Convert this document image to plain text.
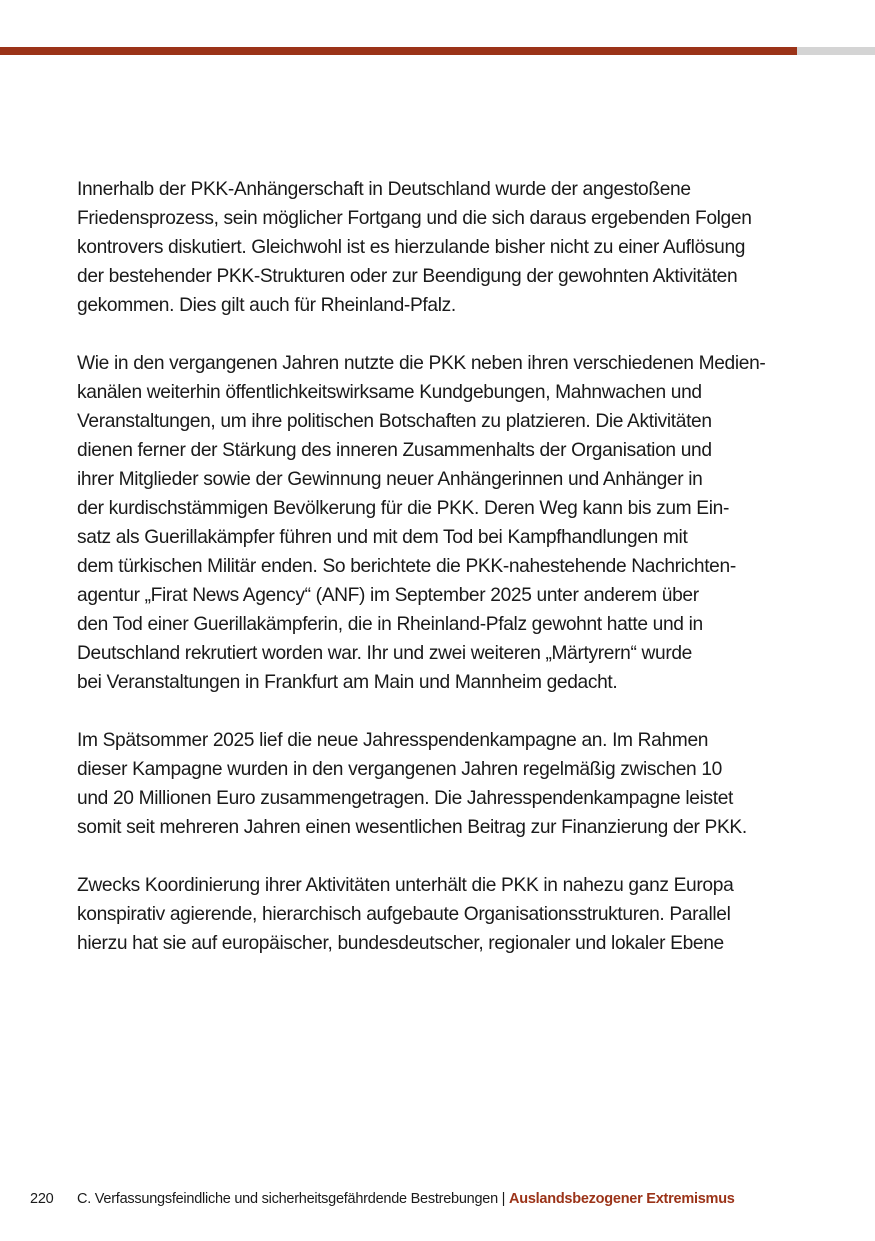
Innerhalb der PKK-Anhängerschaft in Deutschland wurde der angestoßene
Friedensprozess, sein möglicher Fortgang und die sich daraus ergebenden Folgen
kontrovers diskutiert. Gleichwohl ist es hierzulande bisher nicht zu einer Auflösung
der bestehender PKK-Strukturen oder zur Beendigung der gewohnten Aktivitäten
gekommen. Dies gilt auch für Rheinland-Pfalz.

Wie in den vergangenen Jahren nutzte die PKK neben ihren verschiedenen Medien-
kanälen weiterhin öffentlichkeitswirksame Kundgebungen, Mahnwachen und
Veranstaltungen, um ihre politischen Botschaften zu platzieren. Die Aktivitäten
dienen ferner der Stärkung des inneren Zusammenhalts der Organisation und
ihrer Mitglieder sowie der Gewinnung neuer Anhängerinnen und Anhänger in
der kurdischstämmigen Bevölkerung für die PKK. Deren Weg kann bis zum Ein-
satz als Guerillakämpfer führen und mit dem Tod bei Kampfhandlungen mit
dem türkischen Militär enden. So berichtete die PKK-nahestehende Nachrichten-
agentur „Firat News Agency“ (ANF) im September 2025 unter anderem über
den Tod einer Guerillakämpferin, die in Rheinland-Pfalz gewohnt hatte und in
Deutschland rekrutiert worden war. Ihr und zwei weiteren „Märtyrern“ wurde
bei Veranstaltungen in Frankfurt am Main und Mannheim gedacht.

Im Spätsommer 2025 lief die neue Jahresspendenkampagne an. Im Rahmen
dieser Kampagne wurden in den vergangenen Jahren regelmäßig zwischen 10
und 20 Millionen Euro zusammengetragen. Die Jahresspendenkampagne leistet
somit seit mehreren Jahren einen wesentlichen Beitrag zur Finanzierung der PKK.

Zwecks Koordinierung ihrer Aktivitäten unterhält die PKK in nahezu ganz Europa
konspirativ agierende, hierarchisch aufgebaute Organisationsstrukturen. Parallel
hierzu hat sie auf europäischer, bundesdeutscher, regionaler und lokaler Ebene

220 C. Verfassungsfeindliche und sicherheitsgefährdende Bestrebungen | Auslandsbezogener Extremismus
